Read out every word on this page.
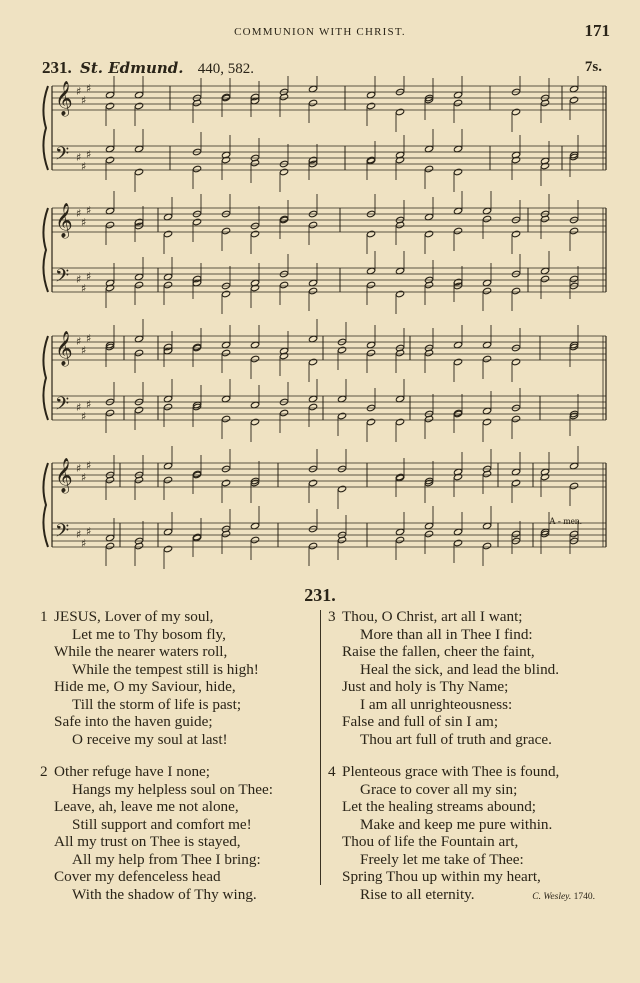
COMMUNION WITH CHRIST.	171
231. St. Edmund. 440, 582.	7s.
𝄞
𝄢
♯
♯
♯
♯
♯
♯
𝄞
𝄢
♯
♯
♯
♯
♯
♯
𝄞
𝄢
♯
♯
♯
♯
♯
♯
𝄞
𝄢
♯
♯
♯
♯
♯
♯
A - men.
231.
1 JESUS, Lover of my soul,
Let me to Thy bosom fly,
While the nearer waters roll,
While the tempest still is high!
Hide me, O my Saviour, hide,
Till the storm of life is past;
Safe into the haven guide;
O receive my soul at last!
2 Other refuge have I none;
Hangs my helpless soul on Thee:
Leave, ah, leave me not alone,
Still support and comfort me!
All my trust on Thee is stayed,
All my help from Thee I bring:
Cover my defenceless head
With the shadow of Thy wing.
3 Thou, O Christ, art all I want;
More than all in Thee I find:
Raise the fallen, cheer the faint,
Heal the sick, and lead the blind.
Just and holy is Thy Name;
I am all unrighteousness:
False and full of sin I am;
Thou art full of truth and grace.
4 Plenteous grace with Thee is found,
Grace to cover all my sin;
Let the healing streams abound;
Make and keep me pure within.
Thou of life the Fountain art,
Freely let me take of Thee:
Spring Thou up within my heart,
Rise to all eternity.	C. Wesley. 1740.
